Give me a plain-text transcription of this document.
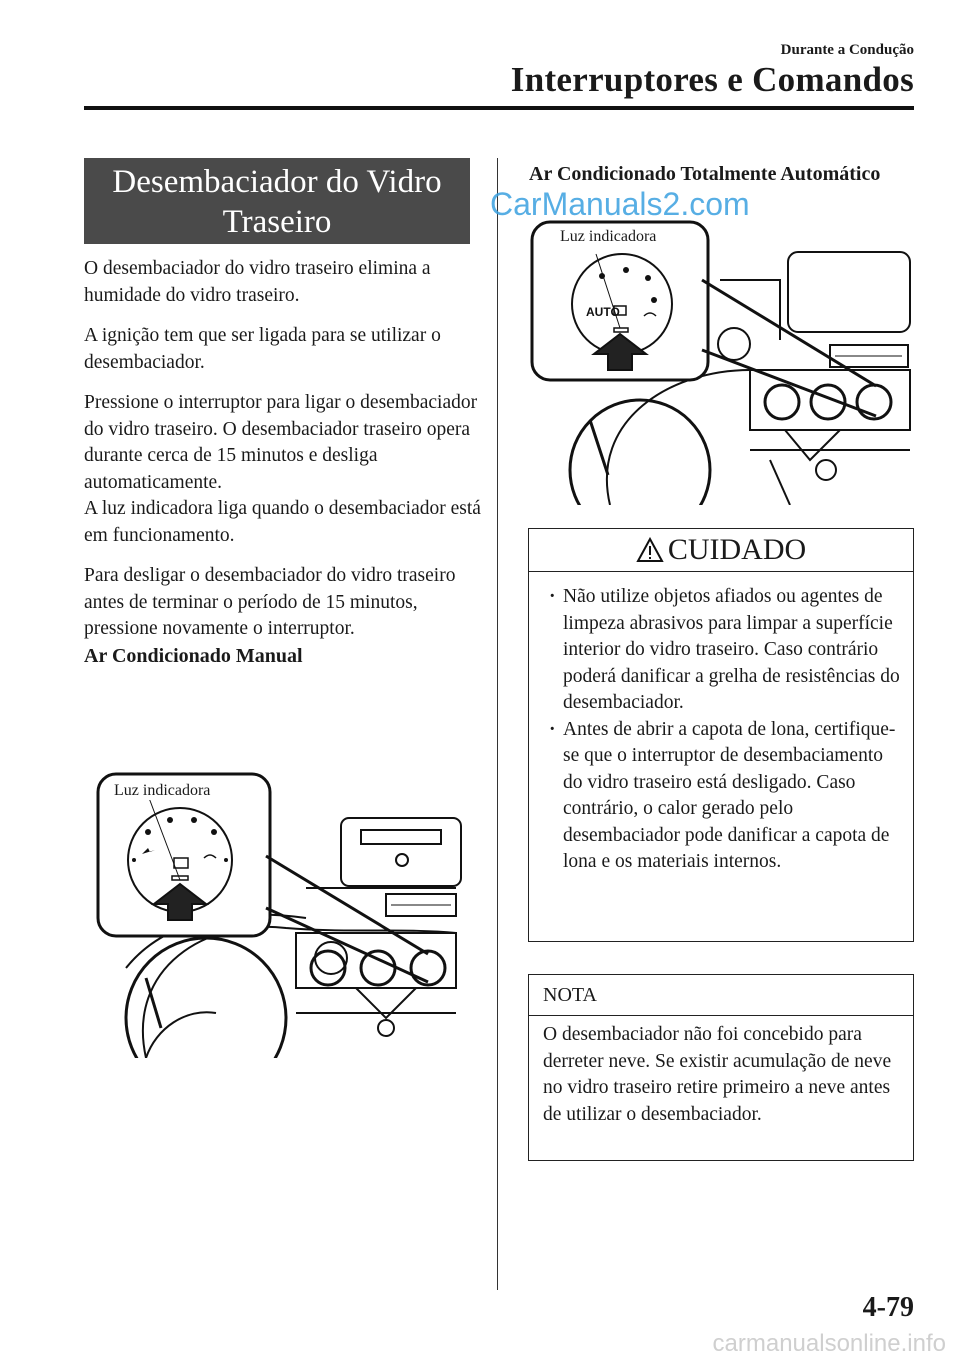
Durante a Condução
Interruptores e Comandos
Desembaciador do Vidro
Traseiro

O desembaciador do vidro traseiro elimina a humidade do vidro traseiro.

A ignição tem que ser ligada para se utilizar o desembaciador.

Pressione o interruptor para ligar o desembaciador do vidro traseiro. O desembaciador traseiro opera durante cerca de 15 minutos e desliga automaticamente.

A luz indicadora liga quando o desembaciador está em funcionamento.

Para desligar o desembaciador do vidro traseiro antes de terminar o período de 15 minutos, pressione novamente o interruptor.

Ar Condicionado Manual
Luz indicadora
Ar Condicionado Totalmente Automático
AUTO
Luz indicadora
CarManuals2.com
CUIDADO
· Não utilize objetos afiados ou agentes de limpeza abrasivos para limpar a superfície interior do vidro traseiro. Caso contrário poderá danificar a grelha de resistências do desembaciador.
· Antes de abrir a capota de lona, certifique-se que o interruptor de desembaciamento do vidro traseiro está desligado. Caso contrário, o calor gerado pelo desembaciador pode danificar a capota de lona e os materiais internos.
NOTA
O desembaciador não foi concebido para derreter neve. Se existir acumulação de neve no vidro traseiro retire primeiro a neve antes de utilizar o desembaciador.
4-79
carmanualsonline.info
